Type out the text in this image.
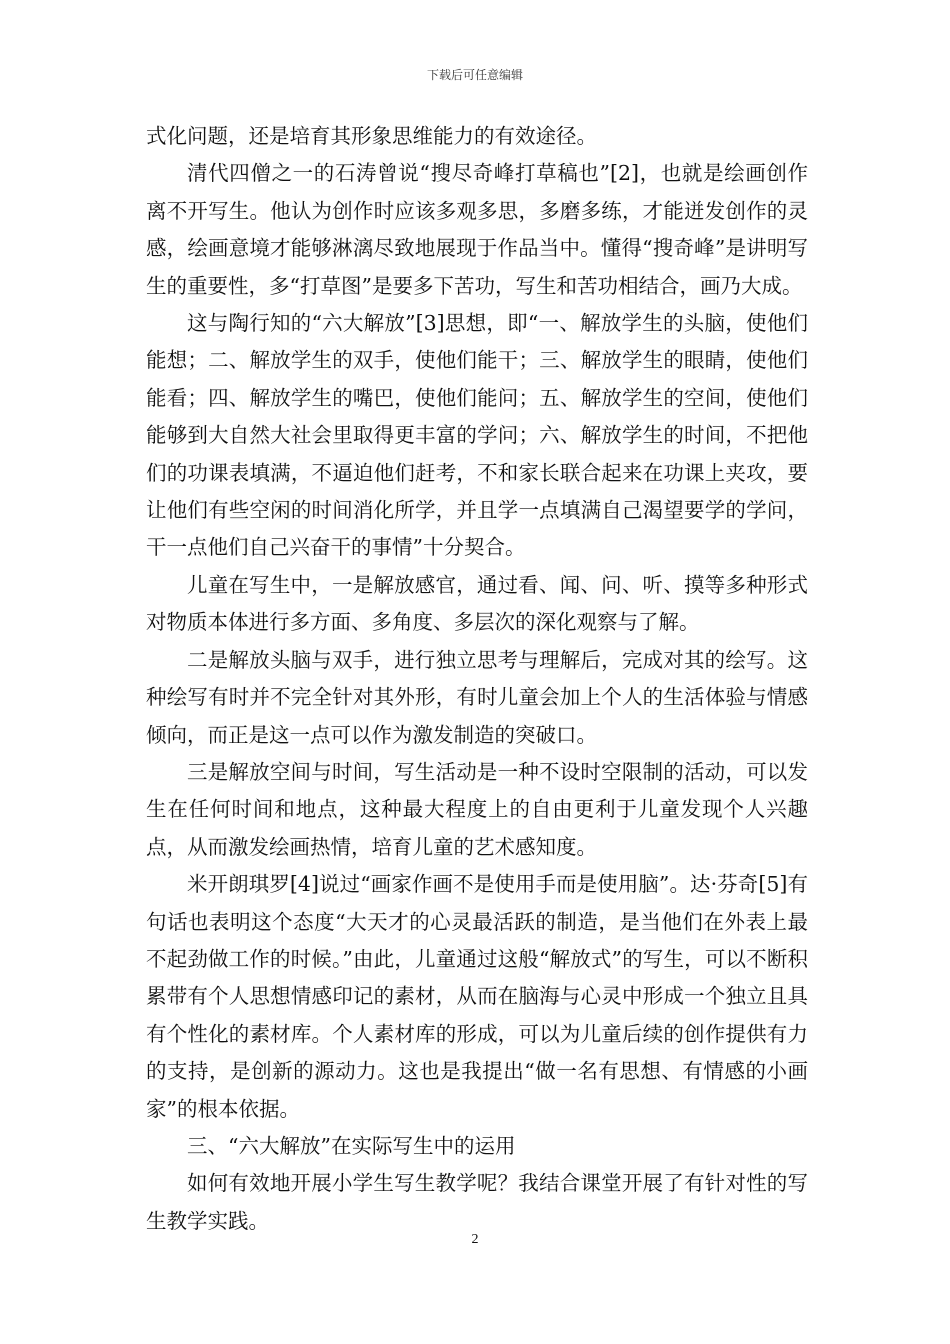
下载后可任意编辑

式化问题，还是培育其形象思维能力的有效途径。

清代四僧之一的石涛曾说“搜尽奇峰打草稿也”[2]，也就是绘画创作离不开写生。他认为创作时应该多观多思，多磨多练，才能迸发创作的灵感，绘画意境才能够淋漓尽致地展现于作品当中。懂得“搜奇峰”是讲明写生的重要性，多“打草图”是要多下苦功，写生和苦功相结合，画乃大成。

这与陶行知的“六大解放”[3]思想，即“一、解放学生的头脑，使他们能想；二、解放学生的双手，使他们能干；三、解放学生的眼睛，使他们能看；四、解放学生的嘴巴，使他们能问；五、解放学生的空间，使他们能够到大自然大社会里取得更丰富的学问；六、解放学生的时间，不把他们的功课表填满，不逼迫他们赶考，不和家长联合起来在功课上夹攻，要让他们有些空闲的时间消化所学，并且学一点填满自己渴望要学的学问，干一点他们自己兴奋干的事情”十分契合。

儿童在写生中，一是解放感官，通过看、闻、问、听、摸等多种形式对物质本体进行多方面、多角度、多层次的深化观察与了解。

二是解放头脑与双手，进行独立思考与理解后，完成对其的绘写。这种绘写有时并不完全针对其外形，有时儿童会加上个人的生活体验与情感倾向，而正是这一点可以作为激发制造的突破口。

三是解放空间与时间，写生活动是一种不设时空限制的活动，可以发生在任何时间和地点，这种最大程度上的自由更利于儿童发现个人兴趣点，从而激发绘画热情，培育儿童的艺术感知度。

米开朗琪罗[4]说过“画家作画不是使用手而是使用脑”。达·芬奇[5]有句话也表明这个态度“大天才的心灵最活跃的制造，是当他们在外表上最不起劲做工作的时候。”由此，儿童通过这般“解放式”的写生，可以不断积累带有个人思想情感印记的素材，从而在脑海与心灵中形成一个独立且具有个性化的素材库。个人素材库的形成，可以为儿童后续的创作提供有力的支持，是创新的源动力。这也是我提出“做一名有思想、有情感的小画家”的根本依据。

三、“六大解放”在实际写生中的运用

如何有效地开展小学生写生教学呢？我结合课堂开展了有针对性的写生教学实践。

2
